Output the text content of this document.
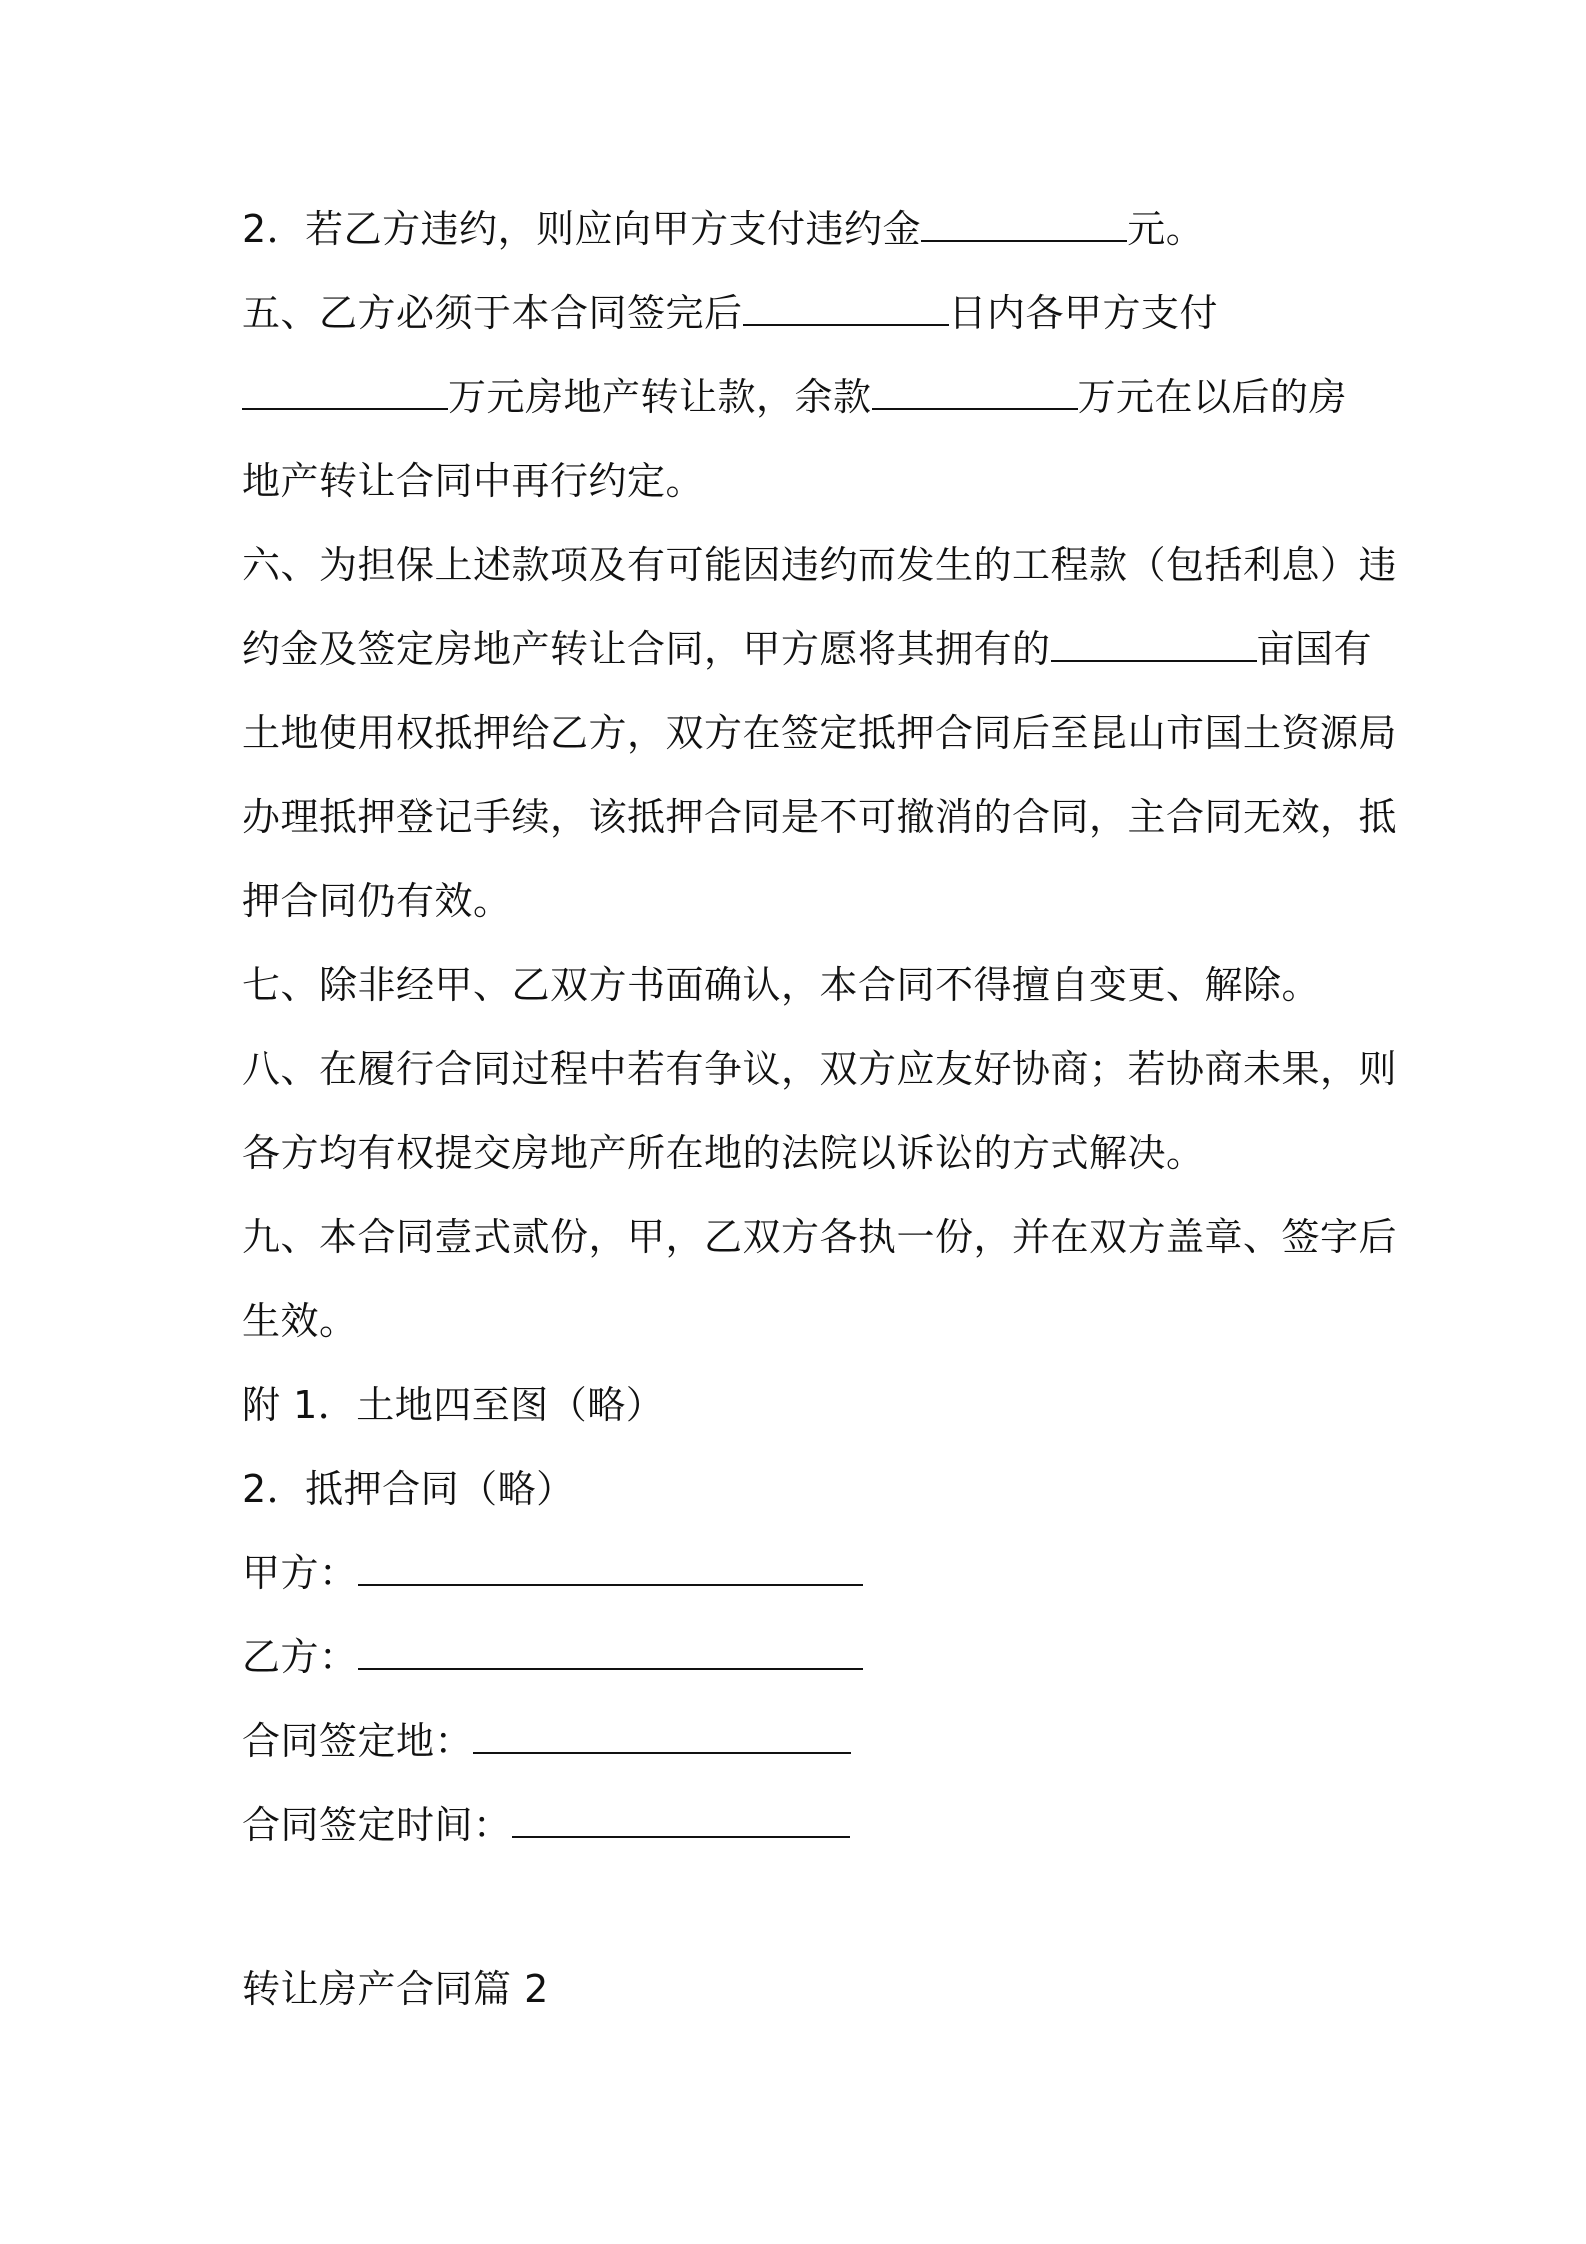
2．若乙方违约，则应向甲方支付违约金	元。
五、乙方必须于本合同签完后	日内各甲方支付
万元房地产转让款，余款	万元在以后的房
地产转让合同中再行约定。
六、为担保上述款项及有可能因违约而发生的工程款（包括利息）违
约金及签定房地产转让合同，甲方愿将其拥有的	亩国有
土地使用权抵押给乙方，双方在签定抵押合同后至昆山市国土资源局
办理抵押登记手续，该抵押合同是不可撤消的合同，主合同无效，抵
押合同仍有效。
七、除非经甲、乙双方书面确认，本合同不得擅自变更、解除。
八、在履行合同过程中若有争议，双方应友好协商；若协商未果，则
各方均有权提交房地产所在地的法院以诉讼的方式解决。
九、本合同壹式贰份，甲，乙双方各执一份，并在双方盖章、签字后
生效。
附 1．土地四至图（略）
2．抵押合同（略）
甲方：
乙方：
合同签定地：
合同签定时间：
转让房产合同篇 2
